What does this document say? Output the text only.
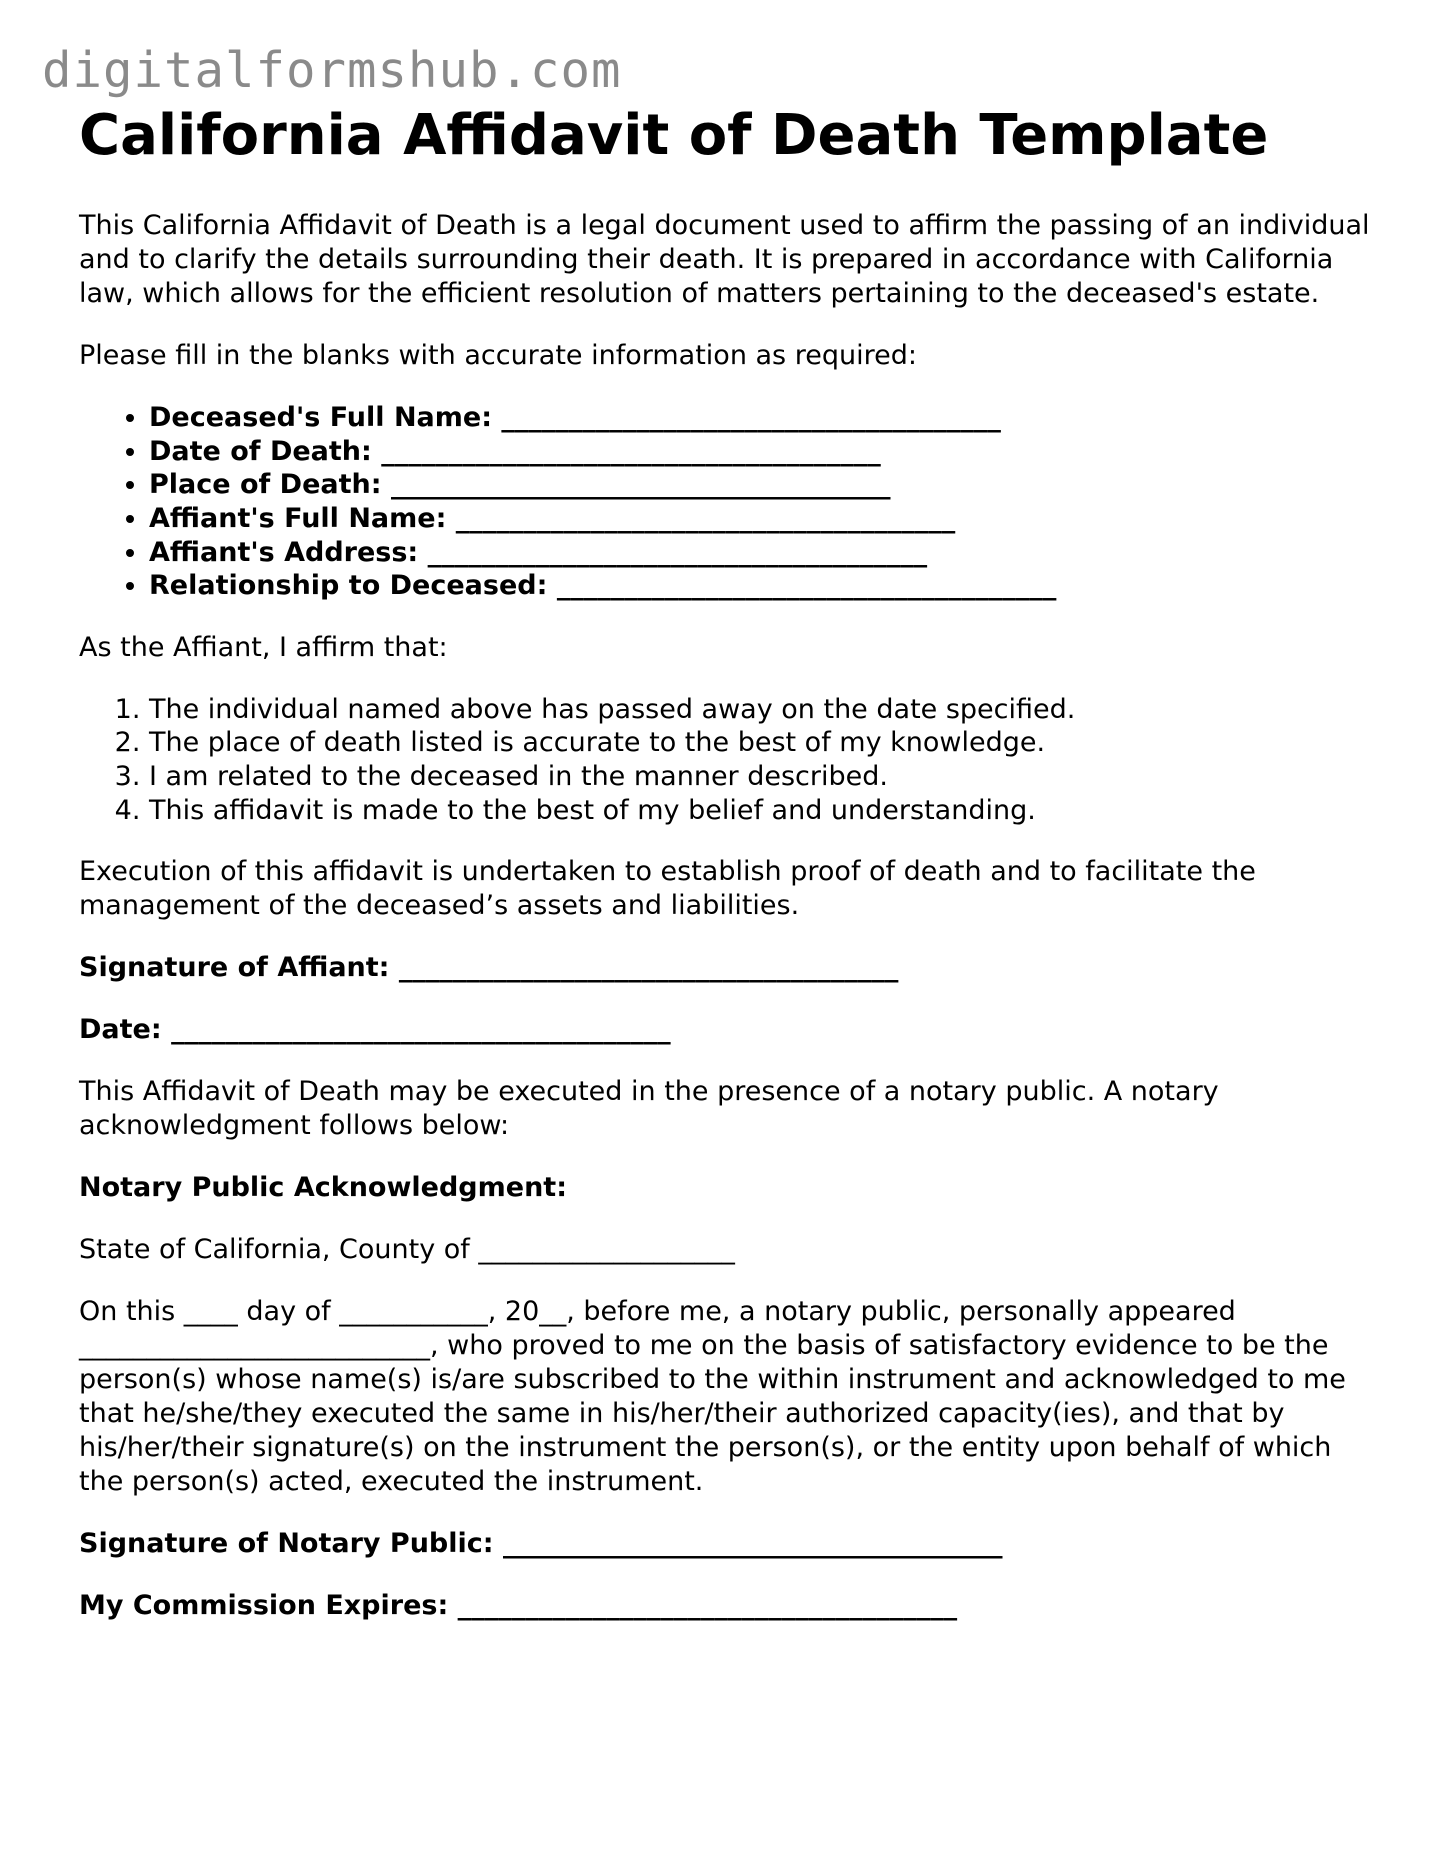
digitalformshub.com
California Affidavit of Death Template

This California Affidavit of Death is a legal document used to affirm the passing of an individual and to clarify the details surrounding their death. It is prepared in accordance with California law, which allows for the efficient resolution of matters pertaining to the deceased's estate.

Please fill in the blanks with accurate information as required:

• Deceased's Full Name: _____________________________________
• Date of Death: _____________________________________
• Place of Death: _____________________________________
• Affiant's Full Name: _____________________________________
• Affiant's Address: _____________________________________
• Relationship to Deceased: _____________________________________

As the Affiant, I affirm that:

1. The individual named above has passed away on the date specified.
2. The place of death listed is accurate to the best of my knowledge.
3. I am related to the deceased in the manner described.
4. This affidavit is made to the best of my belief and understanding.

Execution of this affidavit is undertaken to establish proof of death and to facilitate the management of the deceased’s assets and liabilities.

Signature of Affiant: _____________________________________

Date: _____________________________________

This Affidavit of Death may be executed in the presence of a notary public. A notary acknowledgment follows below:

Notary Public Acknowledgment:

State of California, County of ___________________

On this ____ day of ___________, 20__, before me, a notary public, personally appeared
__________________________, who proved to me on the basis of satisfactory evidence to be the person(s) whose name(s) is/are subscribed to the within instrument and acknowledged to me that he/she/they executed the same in his/her/their authorized capacity(ies), and that by his/her/their signature(s) on the instrument the person(s), or the entity upon behalf of which the person(s) acted, executed the instrument.

Signature of Notary Public: _____________________________________

My Commission Expires: _____________________________________
